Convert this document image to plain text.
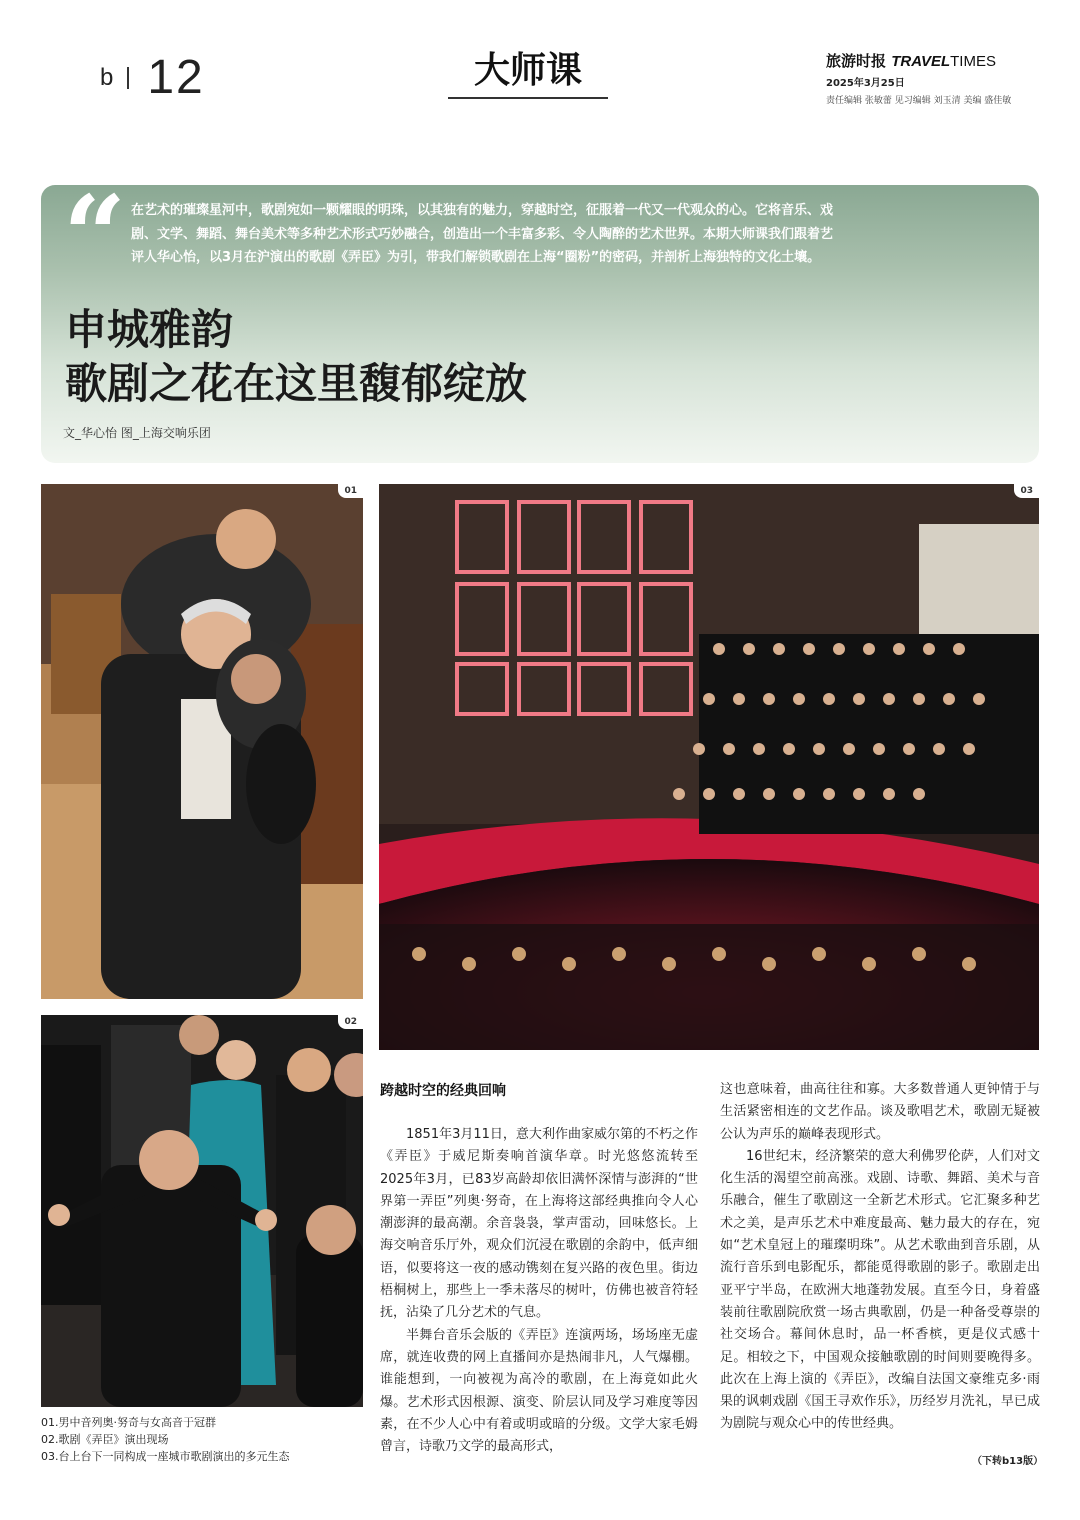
b 12	大师课	旅游时报 TRAVELTIMES
2025年3月25日
责任编辑 张敏蕾 见习编辑 刘玉清 美编 盛佳敏
“ 在艺术的璀璨星河中，歌剧宛如一颗耀眼的明珠，以其独有的魅力，穿越时空，征服着一代又一代观众的心。它将音乐、戏剧、文学、舞蹈、舞台美术等多种艺术形式巧妙融合，创造出一个丰富多彩、令人陶醉的艺术世界。本期大师课我们跟着艺评人华心怡，以3月在沪演出的歌剧《弄臣》为引，带我们解锁歌剧在上海“圈粉”的密码，并剖析上海独特的文化土壤。
申城雅韵
歌剧之花在这里馥郁绽放
文_华心怡 图_上海交响乐团
01
02
03
01.男中音列奥·努奇与女高音于冠群
02.歌剧《弄臣》演出现场
03.台上台下一同构成一座城市歌剧演出的多元生态
跨越时空的经典回响

1851年3月11日，意大利作曲家威尔第的不朽之作《弄臣》于威尼斯奏响首演华章。时光悠悠流转至2025年3月，已83岁高龄却依旧满怀深情与澎湃的“世界第一弄臣”列奥·努奇，在上海将这部经典推向令人心潮澎湃的最高潮。余音袅袅，掌声雷动，回味悠长。上海交响音乐厅外，观众们沉浸在歌剧的余韵中，低声细语，似要将这一夜的感动镌刻在复兴路的夜色里。街边梧桐树上，那些上一季未落尽的树叶，仿佛也被音符轻抚，沾染了几分艺术的气息。

半舞台音乐会版的《弄臣》连演两场，场场座无虚席，就连收费的网上直播间亦是热闹非凡，人气爆棚。谁能想到，一向被视为高冷的歌剧，在上海竟如此火爆。艺术形式因根源、演变、阶层认同及学习难度等因素，在不少人心中有着或明或暗的分级。文学大家毛姆曾言，诗歌乃文学的最高形式，

这也意味着，曲高往往和寡。大多数普通人更钟情于与生活紧密相连的文艺作品。谈及歌唱艺术，歌剧无疑被公认为声乐的巅峰表现形式。

16世纪末，经济繁荣的意大利佛罗伦萨，人们对文化生活的渴望空前高涨。戏剧、诗歌、舞蹈、美术与音乐融合，催生了歌剧这一全新艺术形式。它汇聚多种艺术之美，是声乐艺术中难度最高、魅力最大的存在，宛如“艺术皇冠上的璀璨明珠”。从艺术歌曲到音乐剧，从流行音乐到电影配乐，都能觅得歌剧的影子。歌剧走出亚平宁半岛，在欧洲大地蓬勃发展。直至今日，身着盛装前往歌剧院欣赏一场古典歌剧，仍是一种备受尊崇的社交场合。幕间休息时，品一杯香槟，更是仪式感十足。相较之下，中国观众接触歌剧的时间则要晚得多。此次在上海上演的《弄臣》，改编自法国文豪维克多·雨果的讽刺戏剧《国王寻欢作乐》，历经岁月洗礼，早已成为剧院与观众心中的传世经典。

（下转b13版）
